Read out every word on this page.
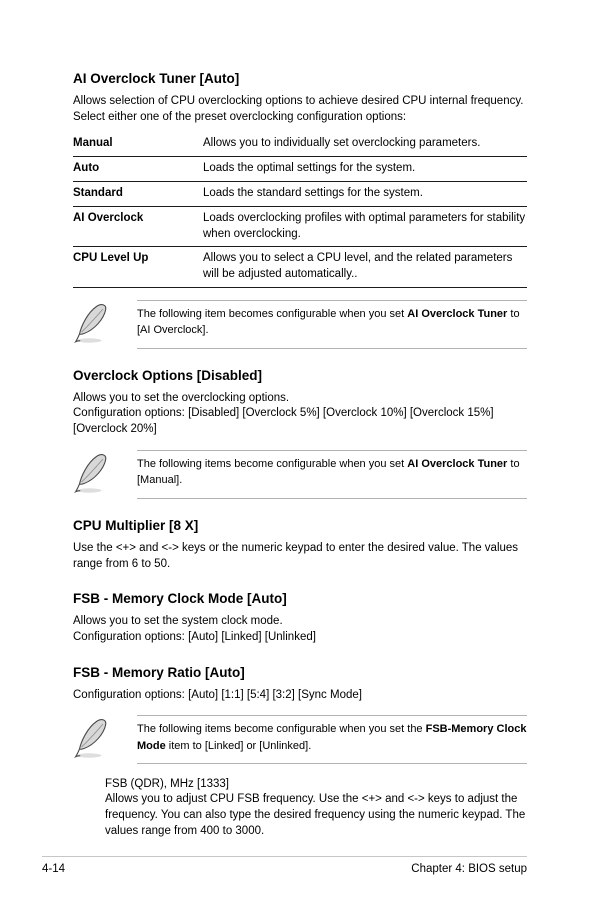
AI Overclock Tuner [Auto]

Allows selection of CPU overclocking options to achieve desired CPU internal frequency. Select either one of the preset overclocking configuration options:

Manual	Allows you to individually set overclocking parameters.
Auto	Loads the optimal settings for the system.
Standard	Loads the standard settings for the system.
AI Overclock	Loads overclocking profiles with optimal parameters for stability when overclocking.
CPU Level Up	Allows you to select a CPU level, and the related parameters will be adjusted automatically..
The following item becomes configurable when you set AI Overclock Tuner to [AI Overclock].
Overclock Options [Disabled]

Allows you to set the overclocking options.

Configuration options: [Disabled] [Overclock 5%] [Overclock 10%] [Overclock 15%] [Overclock 20%]

The following items become configurable when you set AI Overclock Tuner to [Manual].
CPU Multiplier [8 X]

Use the <+> and <-> keys or the numeric keypad to enter the desired value. The values range from 6 to 50.

FSB - Memory Clock Mode [Auto]

Allows you to set the system clock mode.

Configuration options: [Auto] [Linked] [Unlinked]

FSB - Memory Ratio [Auto]

Configuration options: [Auto] [1:1] [5:4] [3:2] [Sync Mode]

The following items become configurable when you set the FSB-Memory Clock Mode item to [Linked] or [Unlinked].

FSB (QDR), MHz [1333]

Allows you to adjust CPU FSB frequency. Use the <+> and <-> keys to adjust the frequency. You can also type the desired frequency using the numeric keypad. The values range from 400 to 3000.

4-14	Chapter 4: BIOS setup
